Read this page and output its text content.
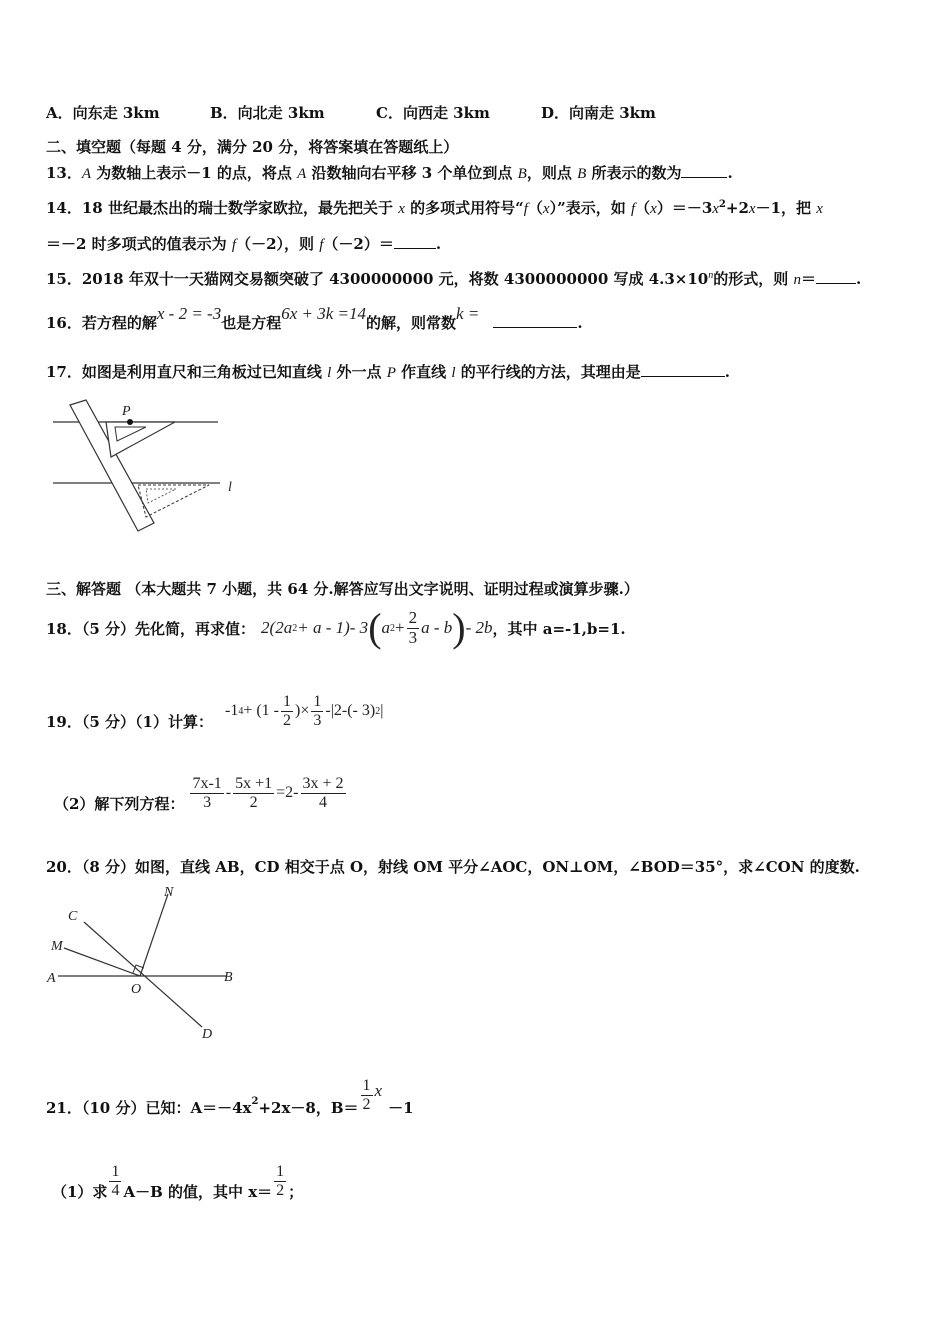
A．向东走 3km	B．向北走 3km	C．向西走 3km	D．向南走 3km
二、填空题（每题 4 分，满分 20 分，将答案填在答题纸上）
13．A 为数轴上表示－1 的点，将点 A 沿数轴向右平移 3 个单位到点 B，则点 B 所表示的数为	.
14．18 世纪最杰出的瑞士数学家欧拉，最先把关于 x 的多项式用符号“f（x）”表示，如 $f(x)=-3x^2+2x-1$，把 x
＝－2 时多项式的值表示为 f（－2），则 f（－2）＝	.
15．2018 年双十一天猫网交易额突破了 4300000000 元，将数 4300000000 写成 $4.3\times 10^n$的形式，则 n＝	.
16．若方程的解x - 2 = -3也是方程6x + 3k =14的解，则常数k =	.
17．如图是利用直尺和三角板过已知直线 l 外一点 P 作直线 l 的平行线的方法，其理由是	.
P
l
三、解答题 （本大题共 7 小题，共 64 分.解答应写出文字说明、证明过程或演算步骤.）
18．（5 分）先化简，再求值： 2(2a 2 + a - 1)- 3 ( a $2 + \frac{2}{3}$ a - b ) - 2b ，其中 a=-1,b=1.
19．（5 分）（1）计算：
-1 $4 + (1 - \frac{1}{2}$ )× $\frac{1}{3} -|2-(-$ 3) 2 |
（2）解下列方程： $\frac{7x-1}{3} - \frac{5x +1}{2} =2- \frac{3x + 2}{4}$
20．（8 分）如图，直线 AB，CD 相交于点 O，射线 OM 平分∠AOC，ON⊥OM，∠BOD＝35°，求∠CON 的度数.
A	B
C
D
M
N
O
21．（10 分）已知：$A=-4x^2 +2x-8$，$B= \frac{1}{2}$ x
－1
（1）求 $\frac{1}{4} A-B$ 的值，其中 $x= \frac{1}{2}$ ；
